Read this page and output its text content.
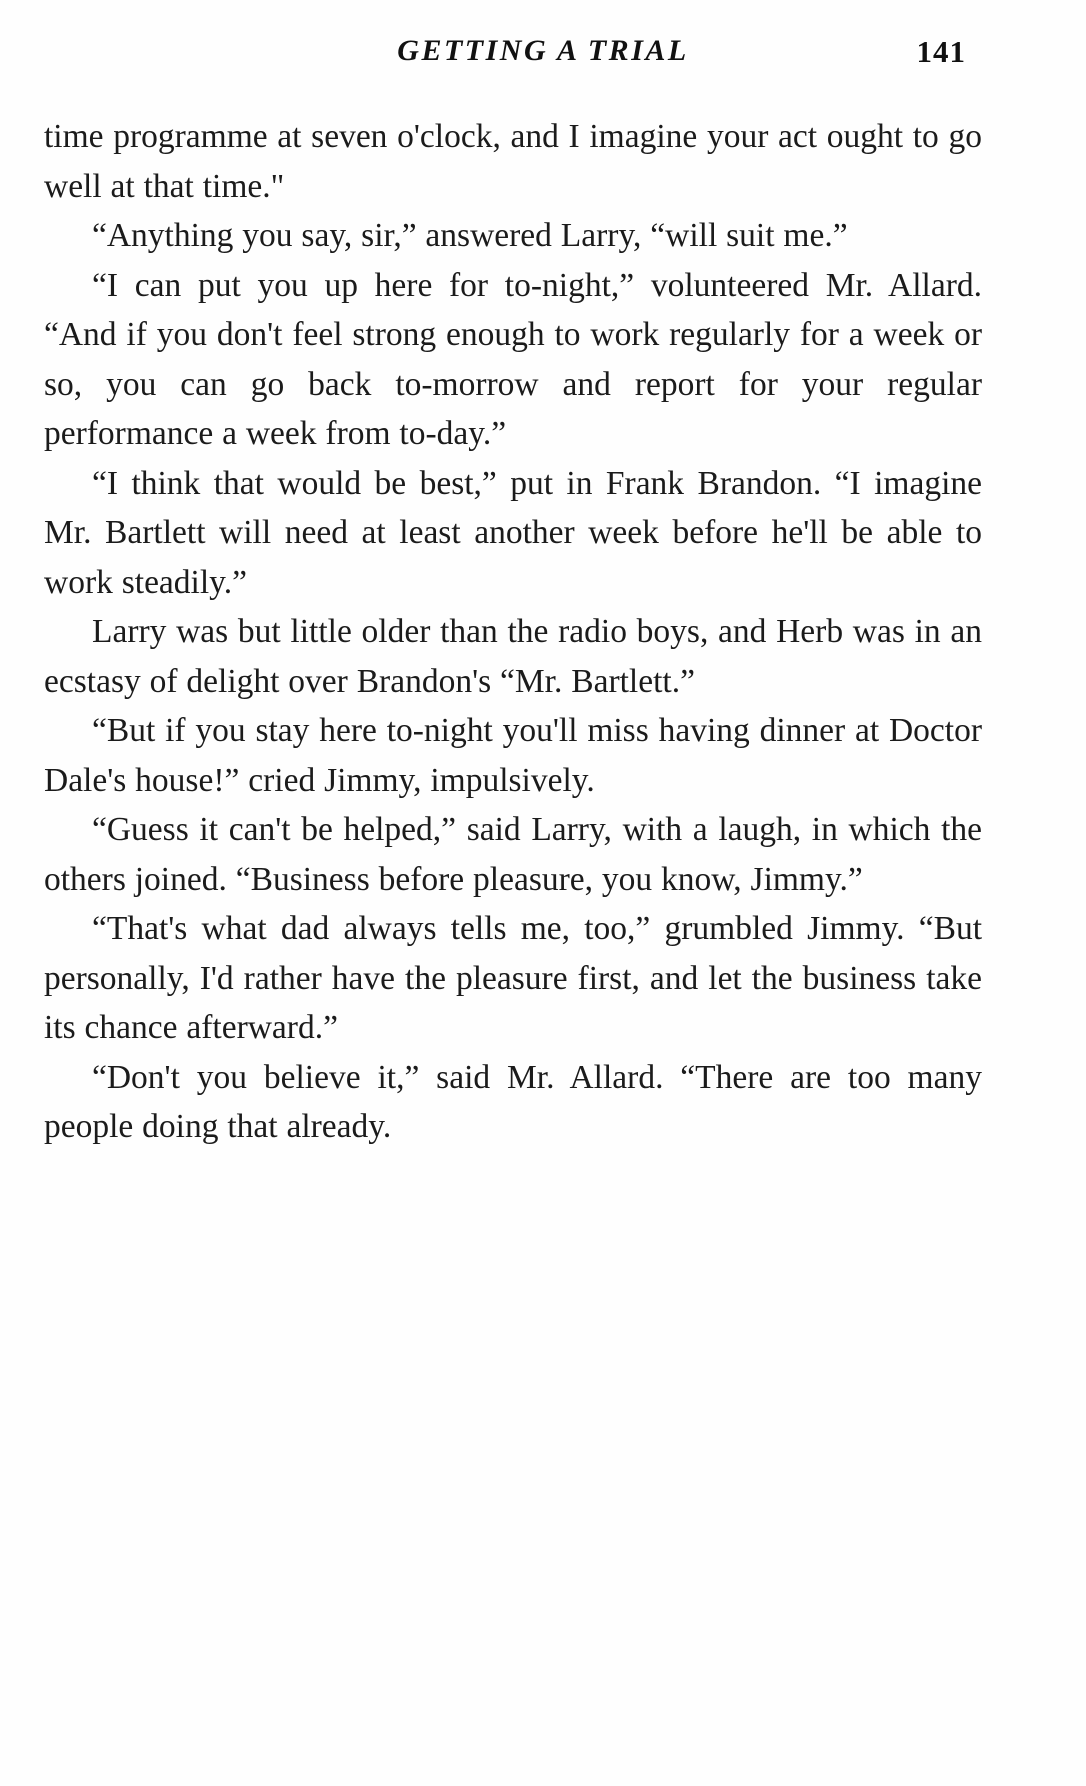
GETTING A TRIAL	141

time programme at seven o'clock, and I imagine your act ought to go well at that time."

“Anything you say, sir,” answered Larry, “will suit me.”

“I can put you up here for to-night,” volunteered Mr. Allard. “And if you don't feel strong enough to work regularly for a week or so, you can go back to-morrow and report for your regular performance a week from to-day.”

“I think that would be best,” put in Frank Brandon. “I imagine Mr. Bartlett will need at least another week before he'll be able to work steadily.”

Larry was but little older than the radio boys, and Herb was in an ecstasy of delight over Brandon's “Mr. Bartlett.”

“But if you stay here to-night you'll miss having dinner at Doctor Dale's house!” cried Jimmy, impulsively.

“Guess it can't be helped,” said Larry, with a laugh, in which the others joined. “Business before pleasure, you know, Jimmy.”

“That's what dad always tells me, too,” grumbled Jimmy. “But personally, I'd rather have the pleasure first, and let the business take its chance afterward.”

“Don't you believe it,” said Mr. Allard. “There are too many people doing that already.
